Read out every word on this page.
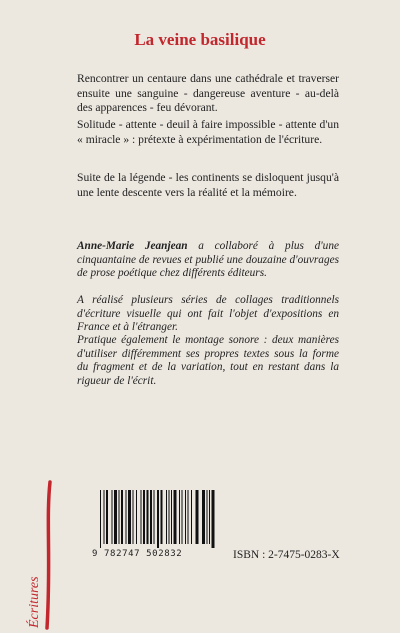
La veine basilique
Rencontrer un centaure dans une cathédrale et traverser ensuite une sanguine - dangereuse aventure - au-delà des apparences - feu dévorant.
Solitude - attente - deuil à faire impossible - attente d'un « miracle » : prétexte à expérimentation de l'écriture.
Suite de la légende - les continents se disloquent jusqu'à une lente descente vers la réalité et la mémoire.
Anne-Marie Jeanjean a collaboré à plus d'une cinquantaine de revues et publié une douzaine d'ouvrages de prose poétique chez différents éditeurs.
A réalisé plusieurs séries de collages traditionnels d'écriture visuelle qui ont fait l'objet d'expositions en France et à l'étranger.
Pratique également le montage sonore : deux manières d'utiliser différemment ses propres textes sous la forme du fragment et de la variation, tout en restant dans la rigueur de l'écrit.
Écritures
9 782747 502832	ISBN : 2-7475-0283-X
